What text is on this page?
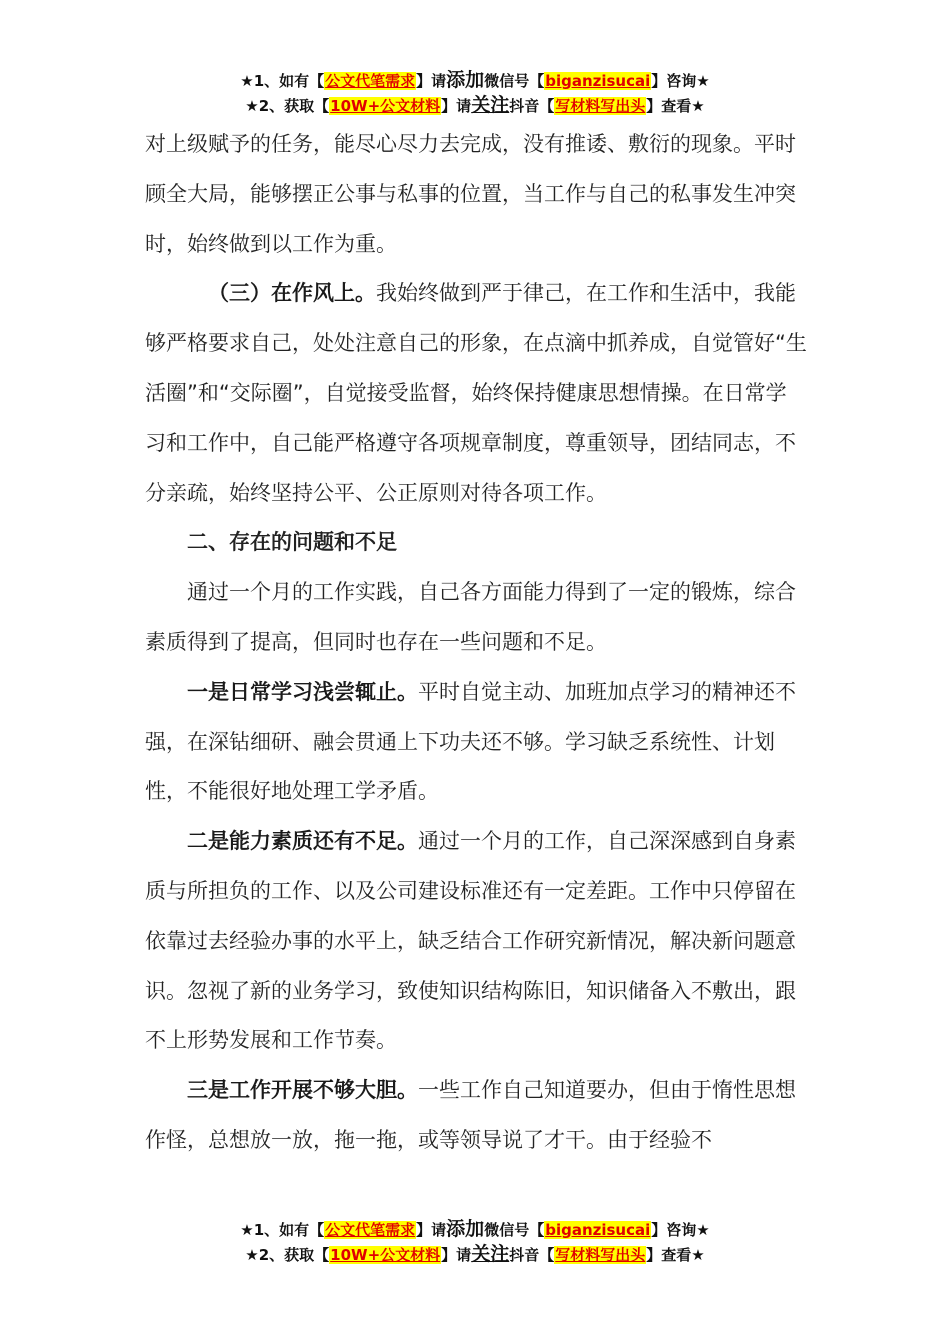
★1、如有【公文代笔需求】请添加微信号【biganzisucai】咨询★
★2、获取【10W+公文材料】请关注抖音【写材料写出头】查看★

对上级赋予的任务，能尽心尽力去完成，没有推诿、敷衍的现象。平时顾全大局，能够摆正公事与私事的位置，当工作与自己的私事发生冲突时，始终做到以工作为重。

（三）在作风上。我始终做到严于律己，在工作和生活中，我能够严格要求自己，处处注意自己的形象，在点滴中抓养成，自觉管好“生活圈”和“交际圈”，自觉接受监督，始终保持健康思想情操。在日常学习和工作中，自己能严格遵守各项规章制度，尊重领导，团结同志，不分亲疏，始终坚持公平、公正原则对待各项工作。

二、存在的问题和不足

通过一个月的工作实践，自己各方面能力得到了一定的锻炼，综合素质得到了提高，但同时也存在一些问题和不足。

一是日常学习浅尝辄止。平时自觉主动、加班加点学习的精神还不强，在深钻细研、融会贯通上下功夫还不够。学习缺乏系统性、计划性，不能很好地处理工学矛盾。

二是能力素质还有不足。通过一个月的工作，自己深深感到自身素质与所担负的工作、以及公司建设标准还有一定差距。工作中只停留在依靠过去经验办事的水平上，缺乏结合工作研究新情况，解决新问题意识。忽视了新的业务学习，致使知识结构陈旧，知识储备入不敷出，跟不上形势发展和工作节奏。

三是工作开展不够大胆。一些工作自己知道要办，但由于惰性思想作怪，总想放一放，拖一拖，或等领导说了才干。由于经验不

★1、如有【公文代笔需求】请添加微信号【biganzisucai】咨询★
★2、获取【10W+公文材料】请关注抖音【写材料写出头】查看★
